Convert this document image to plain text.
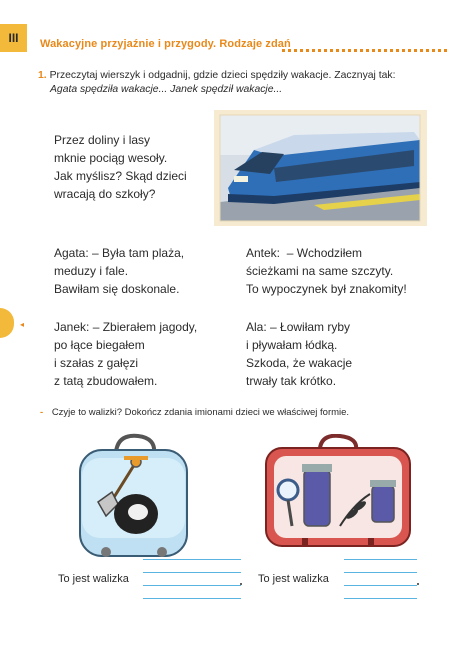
III	Wakacyjne przyjaźnie i przygody. Rodzaje zdań
1. Przeczytaj wierszyk i odgadnij, gdzie dzieci spędziły wakacje. Zacznyaj tak:
Agata spędziła wakacje... Janek spędził wakacje...
Przez doliny i lasy
mknie pociąg wesoły.
Jak myślisz? Skąd dzieci
wracają do szkoły?
Agata: – Była tam plaża,
meduzy i fale.
Bawiłam się doskonale.
Antek:  – Wchodziłem
ścieżkami na same szczyty.
To wypoczynek był znakomity!
Janek: – Zbierałem jagody,
po łące biegałem
i szałas z gałęzi
z tatą zbudowałem.
Ala: – Łowiłam ryby
i pływałam łódką.
Szkoda, że wakacje
trwały tak krótko.
◂
- Czyje to walizki? Dokończ zdania imionami dzieci we właściwej formie.
To jest walizka	To jest walizka
